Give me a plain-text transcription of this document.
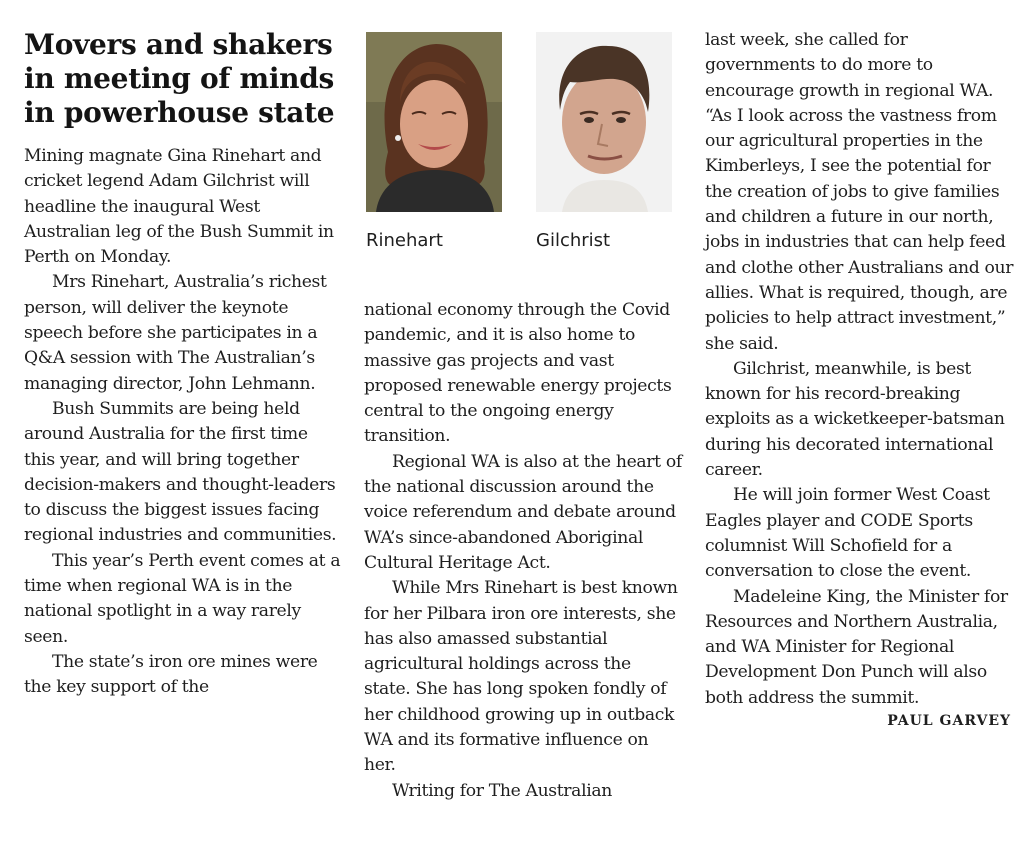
Movers and shakers in meeting of minds in powerhouse state

Mining magnate Gina Rinehart and cricket legend Adam Gilchrist will headline the inaugural West Australian leg of the Bush Summit in Perth on Monday.

Mrs Rinehart, Australia’s richest person, will deliver the keynote speech before she participates in a Q&A session with The Australian’s managing director, John Lehmann.

Bush Summits are being held around Australia for the first time this year, and will bring together decision-makers and thought-leaders to discuss the biggest issues facing regional industries and communities.

This year’s Perth event comes at a time when regional WA is in the national spotlight in a way rarely seen.

The state’s iron ore mines were the key support of the

Rinehart	Gilchrist

national economy through the Covid pandemic, and it is also home to massive gas projects and vast proposed renewable energy projects central to the ongoing energy transition.

Regional WA is also at the heart of the national discussion around the voice referendum and debate around WA’s since-abandoned Aboriginal Cultural Heritage Act.

While Mrs Rinehart is best known for her Pilbara iron ore interests, she has also amassed substantial agricultural holdings across the state. She has long spoken fondly of her childhood growing up in outback WA and its formative influence on her.

Writing for The Australian

last week, she called for governments to do more to encourage growth in regional WA. “As I look across the vastness from our agricultural properties in the Kimberleys, I see the potential for the creation of jobs to give families and children a future in our north, jobs in industries that can help feed and clothe other Australians and our allies. What is required, though, are policies to help attract investment,” she said.

Gilchrist, meanwhile, is best known for his record-breaking exploits as a wicketkeeper-batsman during his decorated international career.

He will join former West Coast Eagles player and CODE Sports columnist Will Schofield for a conversation to close the event.

Madeleine King, the Minister for Resources and Northern Australia, and WA Minister for Regional Development Don Punch will also both address the summit.

PAUL GARVEY
